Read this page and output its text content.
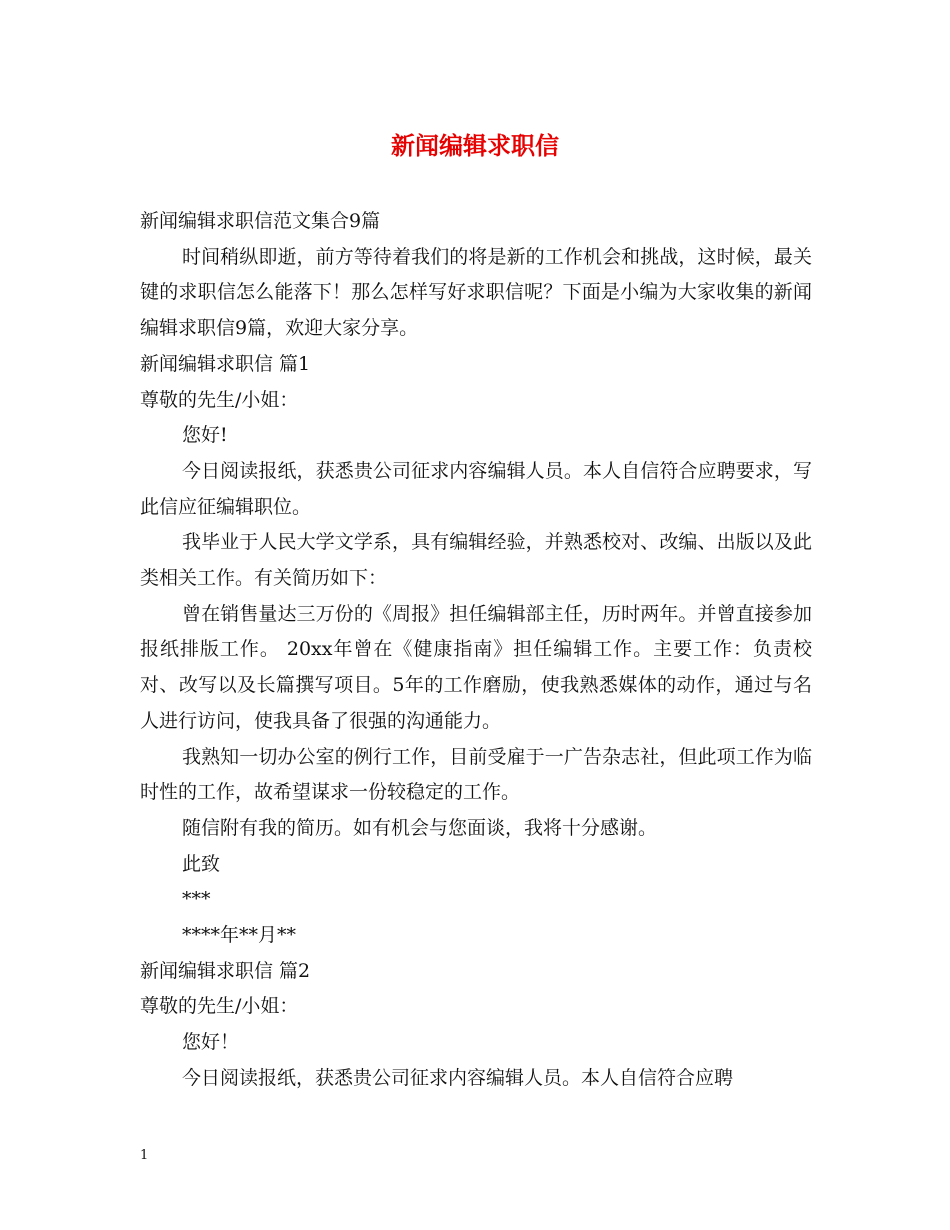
新闻编辑求职信

新闻编辑求职信范文集合9篇

时间稍纵即逝，前方等待着我们的将是新的工作机会和挑战，这时候，最关键的求职信怎么能落下！那么怎样写好求职信呢？下面是小编为大家收集的新闻编辑求职信9篇，欢迎大家分享。

新闻编辑求职信 篇1

尊敬的先生/小姐：

您好!

今日阅读报纸，获悉贵公司征求内容编辑人员。本人自信符合应聘要求，写此信应征编辑职位。

我毕业于人民大学文学系，具有编辑经验，并熟悉校对、改编、出版以及此类相关工作。有关简历如下：

曾在销售量达三万份的《周报》担任编辑部主任，历时两年。并曾直接参加报纸排版工作。 20xx年曾在《健康指南》担任编辑工作。主要工作：负责校对、改写以及长篇撰写项目。5年的工作磨励，使我熟悉媒体的动作，通过与名人进行访问，使我具备了很强的沟通能力。

我熟知一切办公室的例行工作，目前受雇于一广告杂志社，但此项工作为临时性的工作，故希望谋求一份较稳定的工作。

随信附有我的简历。如有机会与您面谈，我将十分感谢。

此致

***

****年**月**

新闻编辑求职信 篇2

尊敬的先生/小姐：

您好！

今日阅读报纸，获悉贵公司征求内容编辑人员。本人自信符合应聘

1
